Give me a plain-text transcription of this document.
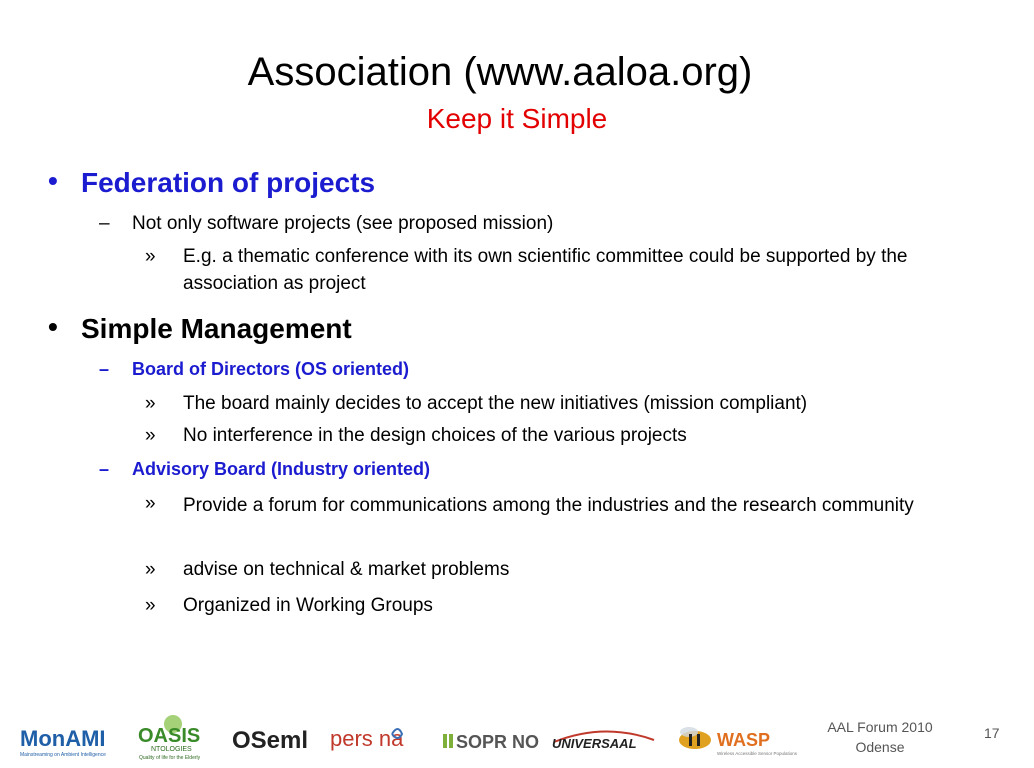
Association (www.aaloa.org)
Keep it Simple
• Federation of projects
– Not only software projects (see proposed mission)
» E.g. a thematic conference with its own scientific committee could be supported by the association as project
• Simple Management
– Board of Directors (OS oriented)
» The board mainly decides to accept the new initiatives (mission compliant)
» No interference in the design choices of the various projects
– Advisory Board (Industry oriented)
» Provide a forum for communications among the industries and the research community
» advise on technical & market problems
» Organized in Working Groups
AAL Forum 2010
Odense
17
MonAMI
Mainstreaming on Ambient Intelligence
OASIS
NTOLOGIES
Quality of life for the Elderly
OSeml pers na	SOPR NO UNIVERSAAL	WASP
Wireless Accessible Sensor Populations
